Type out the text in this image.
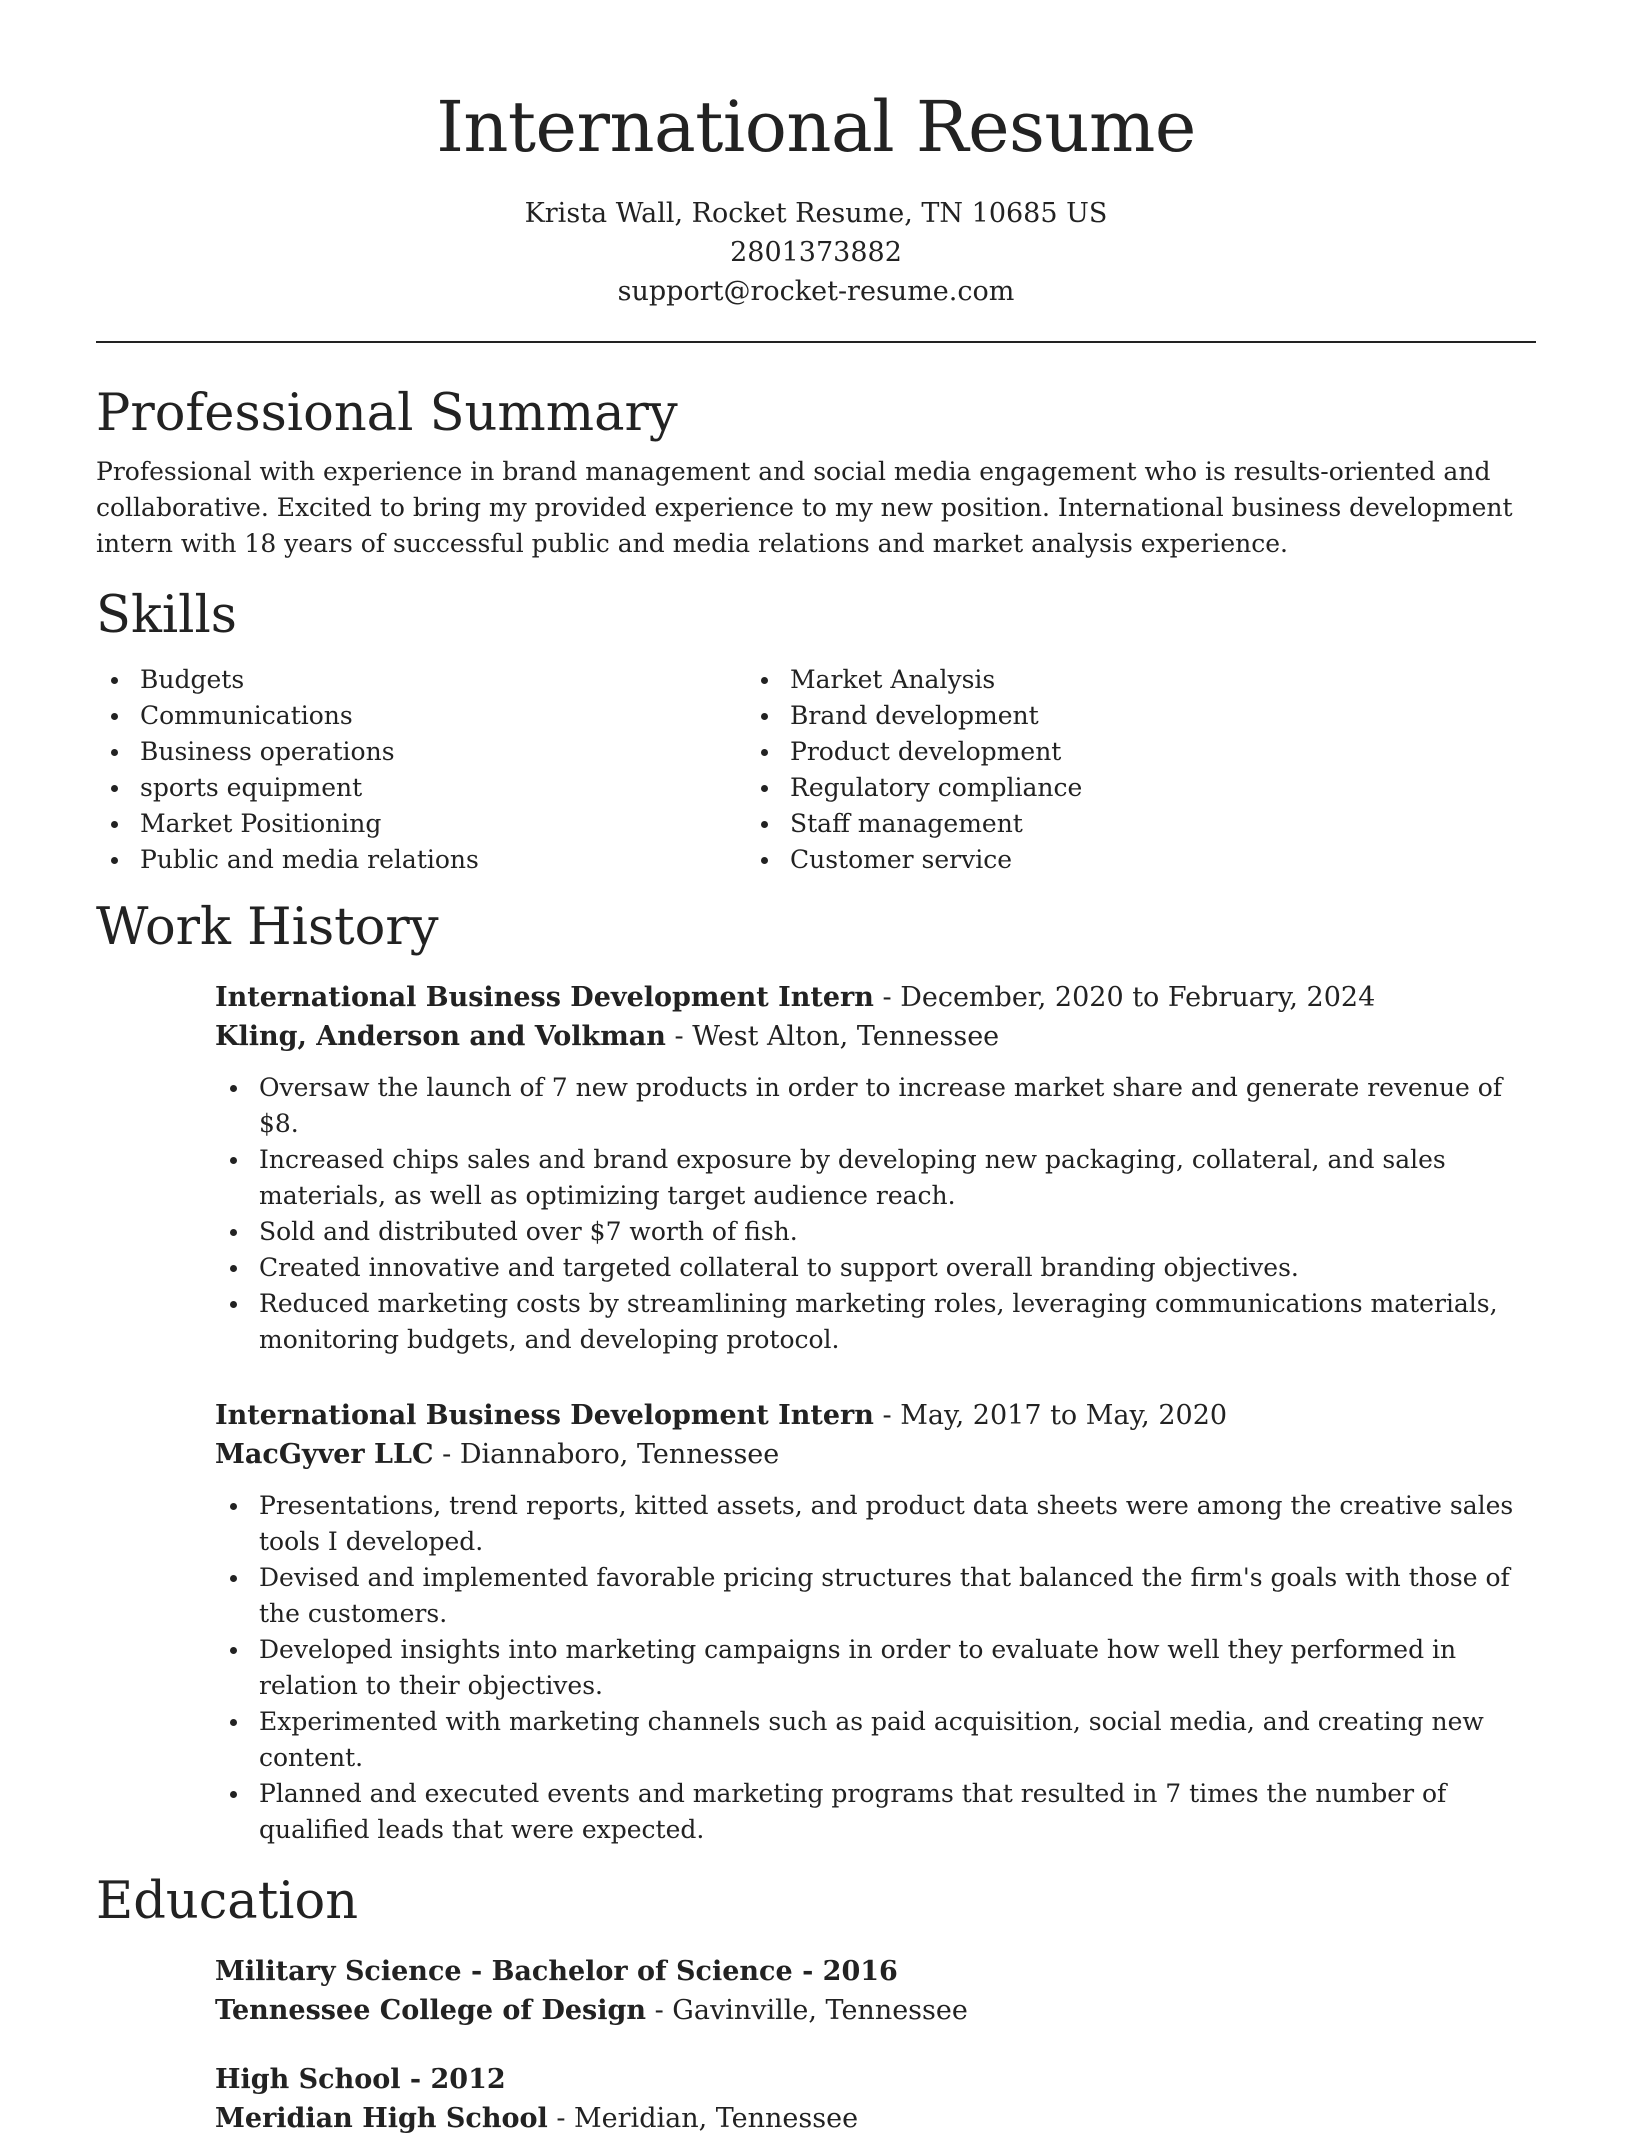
International Resume
Krista Wall, Rocket Resume, TN 10685 US
2801373882
support@rocket-resume.com
Professional Summary

Professional with experience in brand management and social media engagement who is results-oriented and collaborative. Excited to bring my provided experience to my new position. International business development intern with 18 years of successful public and media relations and market analysis experience.

Skills
Budgets
Communications
Business operations
sports equipment
Market Positioning
Public and media relations
Market Analysis
Brand development
Product development
Regulatory compliance
Staff management
Customer service
Work History
International Business Development Intern - December, 2020 to February, 2024
Kling, Anderson and Volkman - West Alton, Tennessee
Oversaw the launch of 7 new products in order to increase market share and generate revenue of $8.
Increased chips sales and brand exposure by developing new packaging, collateral, and sales materials, as well as optimizing target audience reach.
Sold and distributed over $7 worth of fish.
Created innovative and targeted collateral to support overall branding objectives.
Reduced marketing costs by streamlining marketing roles, leveraging communications materials, monitoring budgets, and developing protocol.
International Business Development Intern - May, 2017 to May, 2020
MacGyver LLC - Diannaboro, Tennessee
Presentations, trend reports, kitted assets, and product data sheets were among the creative sales tools I developed.
Devised and implemented favorable pricing structures that balanced the firm's goals with those of the customers.
Developed insights into marketing campaigns in order to evaluate how well they performed in relation to their objectives.
Experimented with marketing channels such as paid acquisition, social media, and creating new content.
Planned and executed events and marketing programs that resulted in 7 times the number of qualified leads that were expected.
Education
Military Science - Bachelor of Science - 2016
Tennessee College of Design - Gavinville, Tennessee
High School - 2012
Meridian High School - Meridian, Tennessee
